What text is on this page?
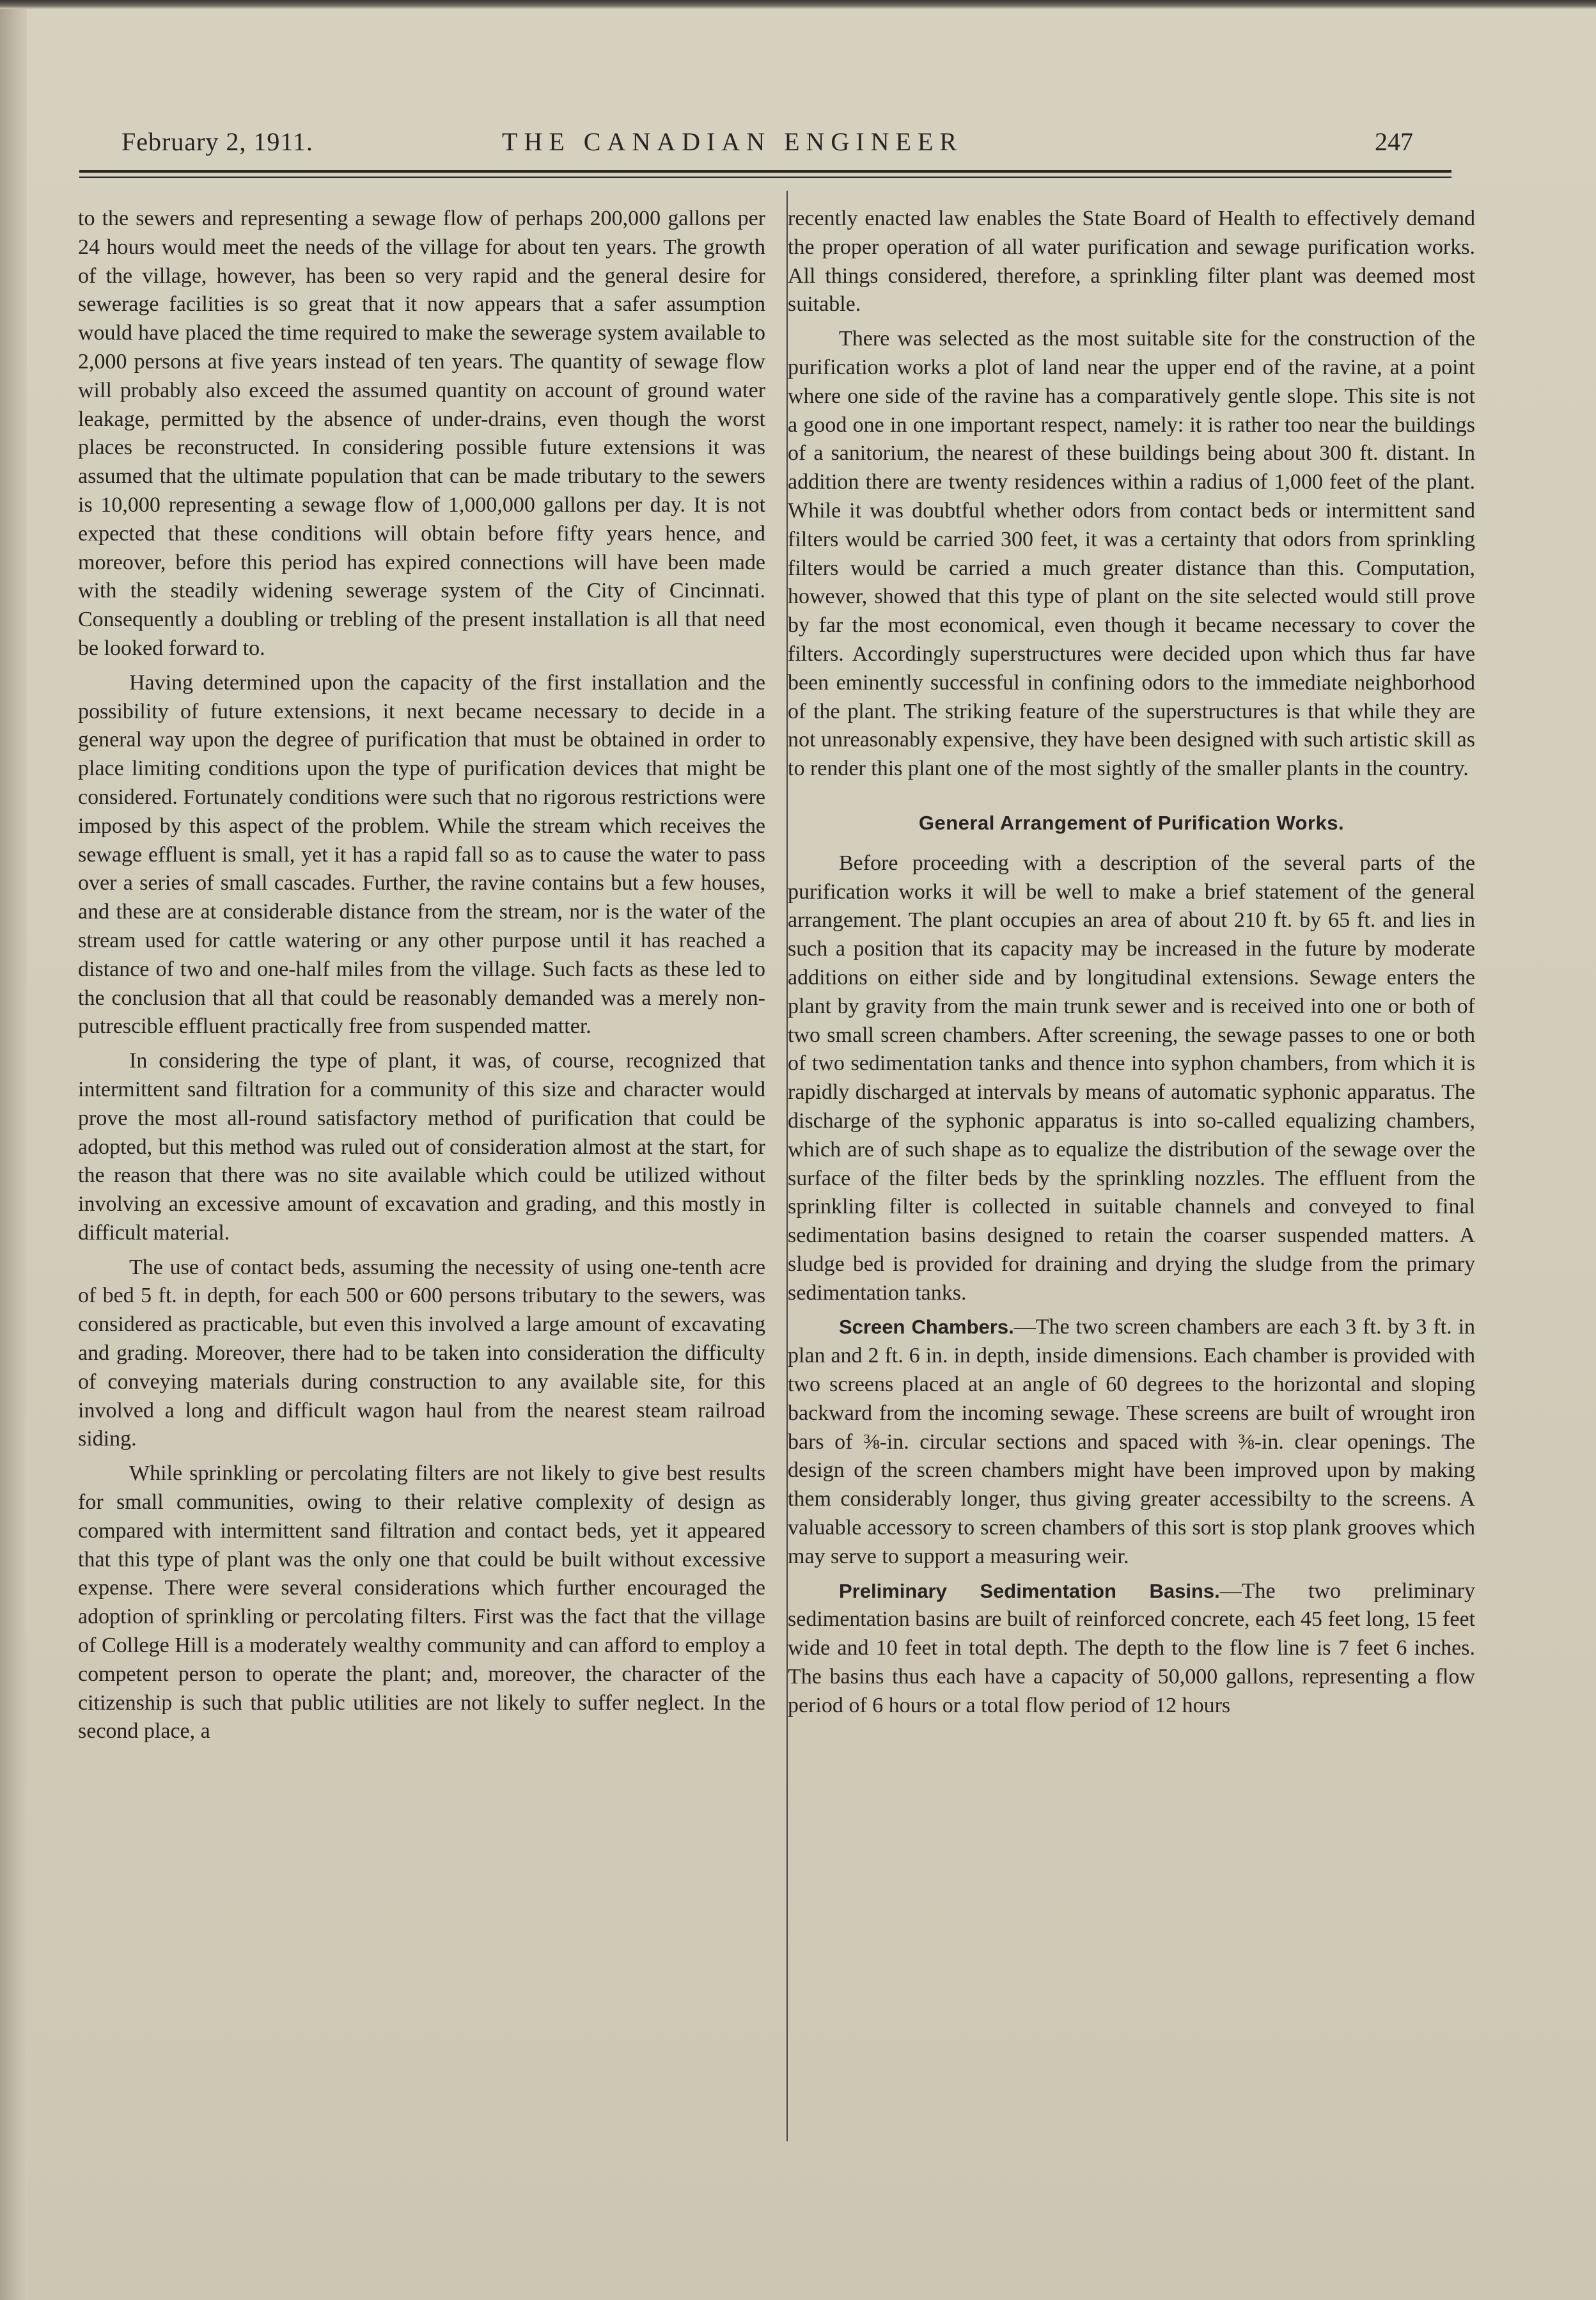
February 2, 1911.	THE CANADIAN ENGINEER	247

to the sewers and representing a sewage flow of perhaps 200,000 gallons per 24 hours would meet the needs of the village for about ten years. The growth of the village, however, has been so very rapid and the general desire for sewerage facilities is so great that it now appears that a safer assumption would have placed the time required to make the sewerage system available to 2,000 persons at five years instead of ten years. The quantity of sewage flow will probably also exceed the assumed quantity on account of ground water leakage, permitted by the absence of under-drains, even though the worst places be reconstructed. In considering possible future extensions it was assumed that the ultimate population that can be made tributary to the sewers is 10,000 representing a sewage flow of 1,000,000 gallons per day. It is not expected that these conditions will obtain before fifty years hence, and moreover, before this period has expired connections will have been made with the steadily widening sewerage system of the City of Cincinnati. Consequently a doubling or trebling of the present installation is all that need be looked forward to.

Having determined upon the capacity of the first installation and the possibility of future extensions, it next became necessary to decide in a general way upon the degree of purification that must be obtained in order to place limiting conditions upon the type of purification devices that might be considered. Fortunately conditions were such that no rigorous restrictions were imposed by this aspect of the problem. While the stream which receives the sewage effluent is small, yet it has a rapid fall so as to cause the water to pass over a series of small cascades. Further, the ravine contains but a few houses, and these are at considerable distance from the stream, nor is the water of the stream used for cattle watering or any other purpose until it has reached a distance of two and one-half miles from the village. Such facts as these led to the conclusion that all that could be reasonably demanded was a merely non-putrescible effluent practically free from suspended matter.

In considering the type of plant, it was, of course, recognized that intermittent sand filtration for a community of this size and character would prove the most all-round satisfactory method of purification that could be adopted, but this method was ruled out of consideration almost at the start, for the reason that there was no site available which could be utilized without involving an excessive amount of excavation and grading, and this mostly in difficult material.

The use of contact beds, assuming the necessity of using one-tenth acre of bed 5 ft. in depth, for each 500 or 600 persons tributary to the sewers, was considered as practicable, but even this involved a large amount of excavating and grading. Moreover, there had to be taken into consideration the difficulty of conveying materials during construction to any available site, for this involved a long and difficult wagon haul from the nearest steam railroad siding.

While sprinkling or percolating filters are not likely to give best results for small communities, owing to their relative complexity of design as compared with intermittent sand filtration and contact beds, yet it appeared that this type of plant was the only one that could be built without excessive expense. There were several considerations which further encouraged the adoption of sprinkling or percolating filters. First was the fact that the village of College Hill is a moderately wealthy community and can afford to employ a competent person to operate the plant; and, moreover, the character of the citizenship is such that public utilities are not likely to suffer neglect. In the second place, a

recently enacted law enables the State Board of Health to effectively demand the proper operation of all water purification and sewage purification works. All things considered, therefore, a sprinkling filter plant was deemed most suitable.

There was selected as the most suitable site for the construction of the purification works a plot of land near the upper end of the ravine, at a point where one side of the ravine has a comparatively gentle slope. This site is not a good one in one important respect, namely: it is rather too near the buildings of a sanitorium, the nearest of these buildings being about 300 ft. distant. In addition there are twenty residences within a radius of 1,000 feet of the plant. While it was doubtful whether odors from contact beds or intermittent sand filters would be carried 300 feet, it was a certainty that odors from sprinkling filters would be carried a much greater distance than this. Computation, however, showed that this type of plant on the site selected would still prove by far the most economical, even though it became necessary to cover the filters. Accordingly superstructures were decided upon which thus far have been eminently successful in confining odors to the immediate neighborhood of the plant. The striking feature of the superstructures is that while they are not unreasonably expensive, they have been designed with such artistic skill as to render this plant one of the most sightly of the smaller plants in the country.

General Arrangement of Purification Works.

Before proceeding with a description of the several parts of the purification works it will be well to make a brief statement of the general arrangement. The plant occupies an area of about 210 ft. by 65 ft. and lies in such a position that its capacity may be increased in the future by moderate additions on either side and by longitudinal extensions. Sewage enters the plant by gravity from the main trunk sewer and is received into one or both of two small screen chambers. After screening, the sewage passes to one or both of two sedimentation tanks and thence into syphon chambers, from which it is rapidly discharged at intervals by means of automatic syphonic apparatus. The discharge of the syphonic apparatus is into so-called equalizing chambers, which are of such shape as to equalize the distribution of the sewage over the surface of the filter beds by the sprinkling nozzles. The effluent from the sprinkling filter is collected in suitable channels and conveyed to final sedimentation basins designed to retain the coarser suspended matters. A sludge bed is provided for draining and drying the sludge from the primary sedimentation tanks.

Screen Chambers.—The two screen chambers are each 3 ft. by 3 ft. in plan and 2 ft. 6 in. in depth, inside dimensions. Each chamber is provided with two screens placed at an angle of 60 degrees to the horizontal and sloping backward from the incoming sewage. These screens are built of wrought iron bars of ⅜-in. circular sections and spaced with ⅜-in. clear openings. The design of the screen chambers might have been improved upon by making them considerably longer, thus giving greater accessibilty to the screens. A valuable accessory to screen chambers of this sort is stop plank grooves which may serve to support a measuring weir.

Preliminary Sedimentation Basins.—The two preliminary sedimentation basins are built of reinforced concrete, each 45 feet long, 15 feet wide and 10 feet in total depth. The depth to the flow line is 7 feet 6 inches. The basins thus each have a capacity of 50,000 gallons, representing a flow period of 6 hours or a total flow period of 12 hours
